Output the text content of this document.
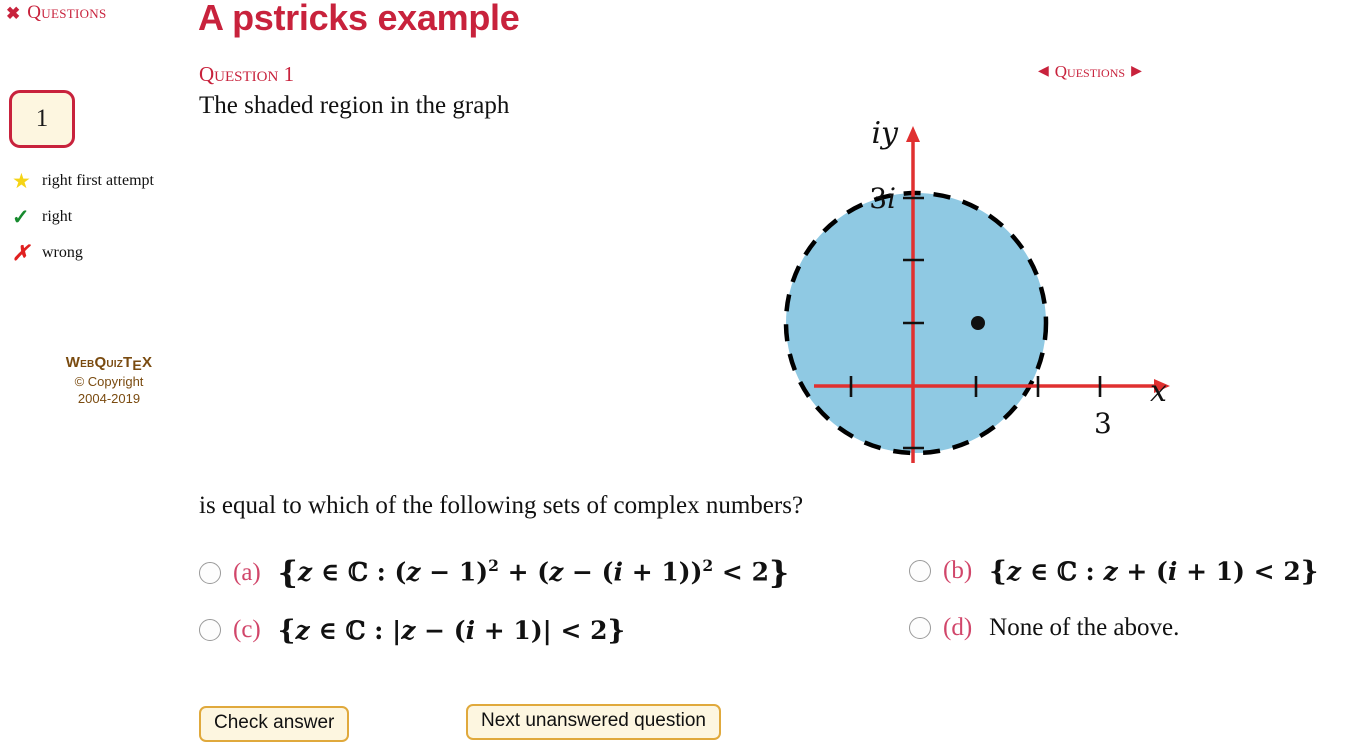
✖ Questions
1
★ right first attempt
✓ right
✗ wrong
WebQuizTEX
© Copyright
2004-2019
A pstricks example
Question 1	◀ Questions ▶
The shaded region in the graph
iy
x
3i
3
is equal to which of the following sets of complex numbers?
(a) {z ∈ ℂ : $(z - 1)^2 + (z - (i + 1))^2 < 2$}	(b) {z ∈ ℂ : z + (i + 1) < 2}
(c) {z ∈ ℂ : |z − (i + 1)| < 2}	(d) None of the above.
Check answer	Next unanswered question
